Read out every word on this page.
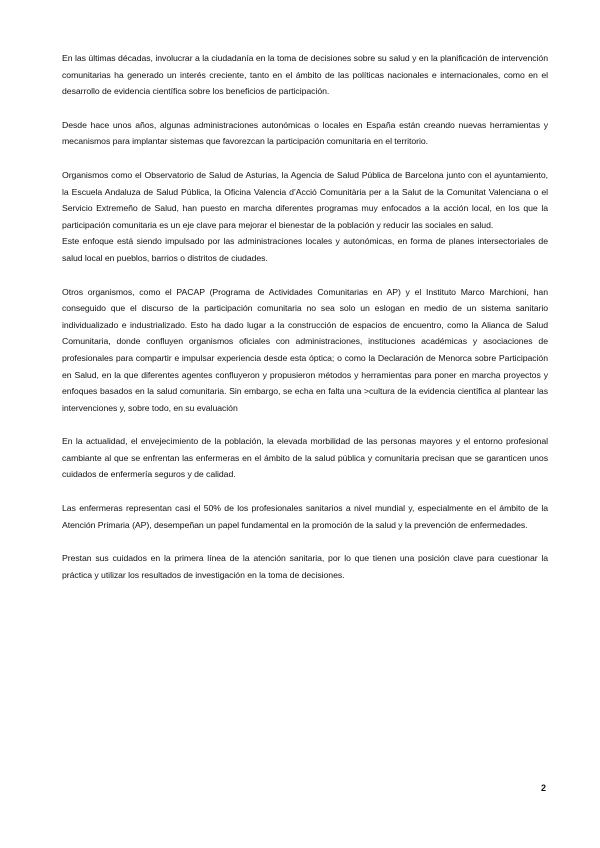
En las últimas décadas, involucrar a la ciudadanía en la toma de decisiones sobre su salud y en la planificación de intervención comunitarias ha generado un interés creciente, tanto en el ámbito de las políticas nacionales e internacionales, como en el desarrollo de evidencia científica sobre los beneficios de participación.

Desde hace unos años, algunas administraciones autonómicas o locales en España están creando nuevas herramientas y mecanismos para implantar sistemas que favorezcan la participación comunitaria en el territorio.

Organismos como el Observatorio de Salud de Asturias, la Agencia de Salud Pública de Barcelona junto con el ayuntamiento, la Escuela Andaluza de Salud Pública, la Oficina Valencia d’Acció Comunitària per a la Salut de la Comunitat Valenciana o el Servicio Extremeño de Salud, han puesto en marcha diferentes programas muy enfocados a la acción local, en los que la participación comunitaria es un eje clave para mejorar el bienestar de la población y reducir las sociales en salud.

Este enfoque está siendo impulsado por las administraciones locales y autonómicas, en forma de planes intersectoriales de salud local en pueblos, barrios o distritos de ciudades.

Otros organismos, como el PACAP (Programa de Actividades Comunitarias en AP) y el Instituto Marco Marchioni, han conseguido que el discurso de la participación comunitaria no sea solo un eslogan en medio de un sistema sanitario individualizado e industrializado. Esto ha dado lugar a la construcción de espacios de encuentro, como la Alianca de Salud Comunitaria, donde confluyen organismos oficiales con administraciones, instituciones académicas y asociaciones de profesionales para compartir e impulsar experiencia desde esta óptica; o como la Declaración de Menorca sobre Participación en Salud, en la que diferentes agentes confluyeron y propusieron métodos y herramientas para poner en marcha proyectos y enfoques basados en la salud comunitaria. Sin embargo, se echa en falta una >cultura de la evidencia científica al plantear las intervenciones y, sobre todo, en su evaluación

En la actualidad, el envejecimiento de la población, la elevada morbilidad de las personas mayores y el entorno profesional cambiante al que se enfrentan las enfermeras en el ámbito de la salud pública y comunitaria precisan que se garanticen unos cuidados de enfermería seguros y de calidad.

Las enfermeras representan casi el 50% de los profesionales sanitarios a nivel mundial y, especialmente en el ámbito de la Atención Primaria (AP), desempeñan un papel fundamental en la promoción de la salud y la prevención de enfermedades.

Prestan sus cuidados en la primera línea de la atención sanitaria, por lo que tienen una posición clave para cuestionar la práctica y utilizar los resultados de investigación en la toma de decisiones.

2
